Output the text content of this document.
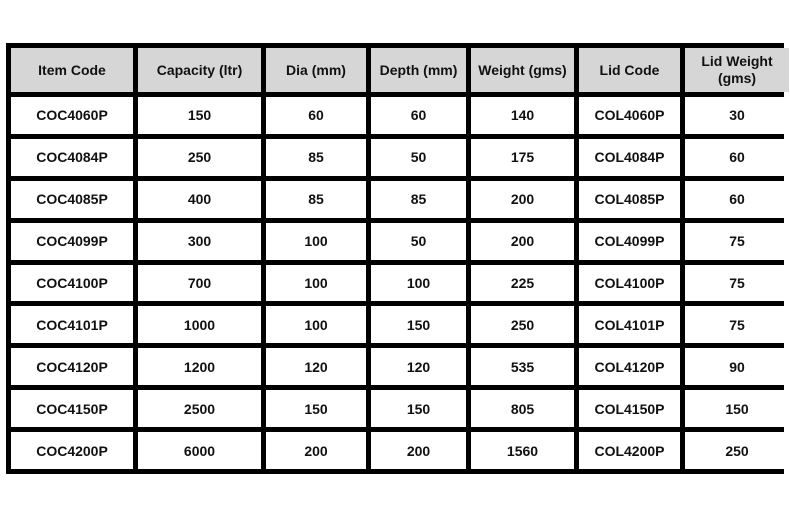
Item Code	Capacity (ltr)	Dia (mm)	Depth (mm)	Weight (gms)	Lid Code	Lid Weight (gms)
COC4060P	150	60	60	140	COL4060P	30
COC4084P	250	85	50	175	COL4084P	60
COC4085P	400	85	85	200	COL4085P	60
COC4099P	300	100	50	200	COL4099P	75
COC4100P	700	100	100	225	COL4100P	75
COC4101P	1000	100	150	250	COL4101P	75
COC4120P	1200	120	120	535	COL4120P	90
COC4150P	2500	150	150	805	COL4150P	150
COC4200P	6000	200	200	1560	COL4200P	250
